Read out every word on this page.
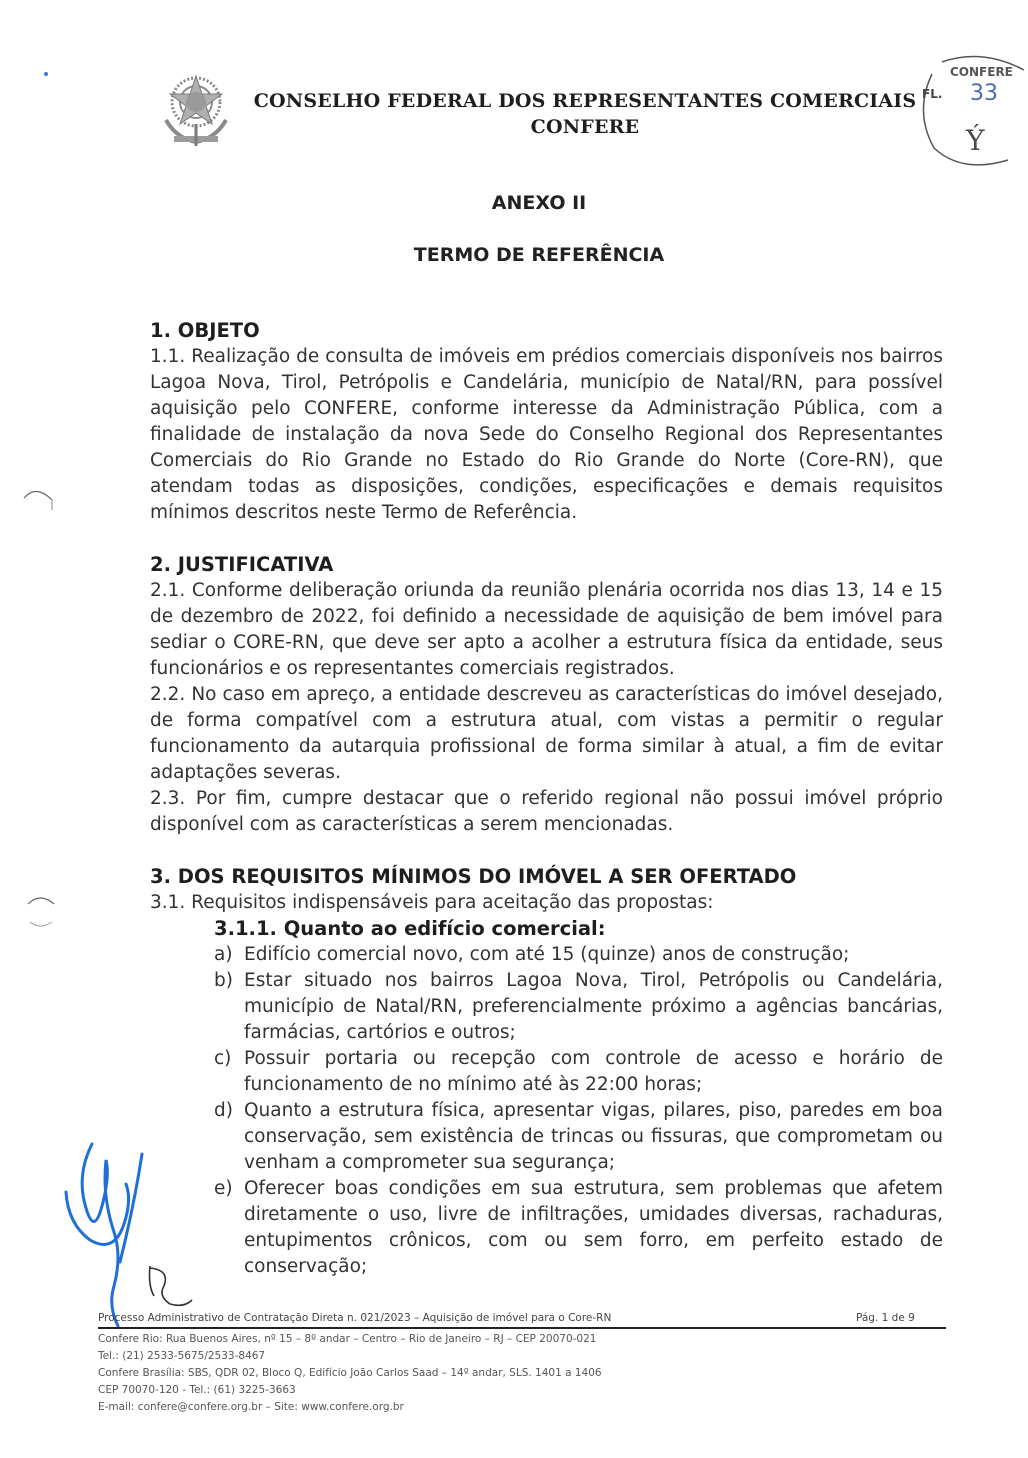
CONSELHO FEDERAL DOS REPRESENTANTES COMERCIAIS
CONFERE
CONFERE
FL. 33
Ý
ANEXO II
TERMO DE REFERÊNCIA

1. OBJETO

1.1. Realização de consulta de imóveis em prédios comerciais disponíveis nos bairros Lagoa Nova, Tirol, Petrópolis e Candelária, município de Natal/RN, para possível aquisição pelo CONFERE, conforme interesse da Administração Pública, com a finalidade de instalação da nova Sede do Conselho Regional dos Representantes Comerciais do Rio Grande no Estado do Rio Grande do Norte (Core-RN), que atendam todas as disposições, condições, especificações e demais requisitos mínimos descritos neste Termo de Referência.

2. JUSTIFICATIVA

2.1. Conforme deliberação oriunda da reunião plenária ocorrida nos dias 13, 14 e 15 de dezembro de 2022, foi definido a necessidade de aquisição de bem imóvel para sediar o CORE-RN, que deve ser apto a acolher a estrutura física da entidade, seus funcionários e os representantes comerciais registrados.

2.2. No caso em apreço, a entidade descreveu as características do imóvel desejado, de forma compatível com a estrutura atual, com vistas a permitir o regular funcionamento da autarquia profissional de forma similar à atual, a fim de evitar adaptações severas.

2.3. Por fim, cumpre destacar que o referido regional não possui imóvel próprio disponível com as características a serem mencionadas.

3. DOS REQUISITOS MÍNIMOS DO IMÓVEL A SER OFERTADO

3.1. Requisitos indispensáveis para aceitação das propostas:

3.1.1. Quanto ao edifício comercial:

a) Edifício comercial novo, com até 15 (quinze) anos de construção;
b) Estar situado nos bairros Lagoa Nova, Tirol, Petrópolis ou Candelária, município de Natal/RN, preferencialmente próximo a agências bancárias, farmácias, cartórios e outros;
c) Possuir portaria ou recepção com controle de acesso e horário de funcionamento de no mínimo até às 22:00 horas;
d) Quanto a estrutura física, apresentar vigas, pilares, piso, paredes em boa conservação, sem existência de trincas ou fissuras, que comprometam ou venham a comprometer sua segurança;
e) Oferecer boas condições em sua estrutura, sem problemas que afetem diretamente o uso, livre de infiltrações, umidades diversas, rachaduras, entupimentos crônicos, com ou sem forro, em perfeito estado de conservação;
Processo Administrativo de Contratação Direta n. 021/2023 – Aquisição de imóvel para o Core-RN	Pág. 1 de 9
Confere Rio: Rua Buenos Aires, nº 15 – 8º andar – Centro – Rio de Janeiro – RJ – CEP 20070-021
Tel.: (21) 2533-5675/2533-8467
Confere Brasília: SBS, QDR 02, Bloco Q, Edifício João Carlos Saad – 14º andar, SLS. 1401 a 1406
CEP 70070-120 - Tel.: (61) 3225-3663
E-mail: confere@confere.org.br – Site: www.confere.org.br
